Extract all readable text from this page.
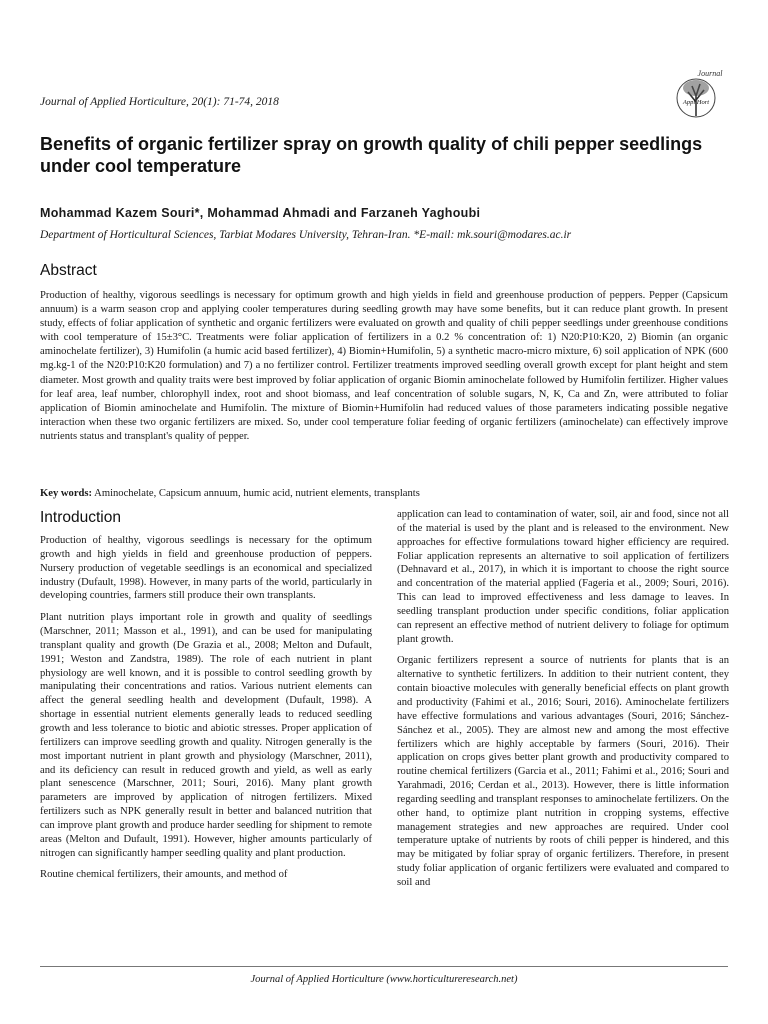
Journal of Applied Horticulture, 20(1): 71-74, 2018
Journal
Appl Hort
Benefits of organic fertilizer spray on growth quality of chili pepper seedlings under cool temperature
Mohammad Kazem Souri*, Mohammad Ahmadi and Farzaneh Yaghoubi
Department of Horticultural Sciences, Tarbiat Modares University, Tehran-Iran. *E-mail: mk.souri@modares.ac.ir
Abstract

Production of healthy, vigorous seedlings is necessary for optimum growth and high yields in field and greenhouse production of peppers. Pepper (Capsicum annuum) is a warm season crop and applying cooler temperatures during seedling growth may have some benefits, but it can reduce plant growth. In present study, effects of foliar application of synthetic and organic fertilizers were evaluated on growth and quality of chili pepper seedlings under greenhouse conditions with cool temperature of 15±3°C. Treatments were foliar application of fertilizers in a 0.2 % concentration of: 1) N20:P10:K20, 2) Biomin (an organic aminochelate fertilizer), 3) Humifolin (a humic acid based fertilizer), 4) Biomin+Humifolin, 5) a synthetic macro-micro mixture, 6) soil application of NPK (600 mg.kg-1 of the N20:P10:K20 formulation) and 7) a no fertilizer control. Fertilizer treatments improved seedling overall growth except for plant height and stem diameter. Most growth and quality traits were best improved by foliar application of organic Biomin aminochelate followed by Humifolin fertilizer. Higher values for leaf area, leaf number, chlorophyll index, root and shoot biomass, and leaf concentration of soluble sugars, N, K, Ca and Zn, were attributed to foliar application of Biomin aminochelate and Humifolin. The mixture of Biomin+Humifolin had reduced values of those parameters indicating possible negative interaction when these two organic fertilizers are mixed. So, under cool temperature foliar feeding of organic fertilizers (aminochelate) can effectively improve nutrients status and transplant's quality of pepper.

Key words: Aminochelate, Capsicum annuum, humic acid, nutrient elements, transplants
Introduction

Production of healthy, vigorous seedlings is necessary for the optimum growth and high yields in field and greenhouse production of peppers. Nursery production of vegetable seedlings is an economical and specialized industry (Dufault, 1998). However, in many parts of the world, particularly in developing countries, farmers still produce their own transplants.

Plant nutrition plays important role in growth and quality of seedlings (Marschner, 2011; Masson et al., 1991), and can be used for manipulating transplant quality and growth (De Grazia et al., 2008; Melton and Dufault, 1991; Weston and Zandstra, 1989). The role of each nutrient in plant physiology are well known, and it is possible to control seedling growth by manipulating their concentrations and ratios. Various nutrient elements can affect the general seedling health and development (Dufault, 1998). A shortage in essential nutrient elements generally leads to reduced seedling growth and less tolerance to biotic and abiotic stresses. Proper application of fertilizers can improve seedling growth and quality. Nitrogen generally is the most important nutrient in plant growth and physiology (Marschner, 2011), and its deficiency can result in reduced growth and yield, as well as early plant senescence (Marschner, 2011; Souri, 2016). Many plant growth parameters are improved by application of nitrogen fertilizers. Mixed fertilizers such as NPK generally result in better and balanced nutrition that can improve plant growth and produce harder seedling for shipment to remote areas (Melton and Dufault, 1991). However, higher amounts particularly of nitrogen can significantly hamper seedling quality and plant production.

Routine chemical fertilizers, their amounts, and method of

application can lead to contamination of water, soil, air and food, since not all of the material is used by the plant and is released to the environment. New approaches for effective formulations toward higher efficiency are required. Foliar application represents an alternative to soil application of fertilizers (Dehnavard et al., 2017), in which it is important to choose the right source and concentration of the material applied (Fageria et al., 2009; Souri, 2016). This can lead to improved effectiveness and less damage to leaves. In seedling transplant production under specific conditions, foliar application can represent an effective method of nutrient delivery to foliage for optimum plant growth.

Organic fertilizers represent a source of nutrients for plants that is an alternative to synthetic fertilizers. In addition to their nutrient content, they contain bioactive molecules with generally beneficial effects on plant growth and productivity (Fahimi et al., 2016; Souri, 2016). Aminochelate fertilizers have effective formulations and various advantages (Souri, 2016; Sánchez-Sánchez et al., 2005). They are almost new and among the most effective fertilizers which are highly acceptable by farmers (Souri, 2016). Their application on crops gives better plant growth and productivity compared to routine chemical fertilizers (Garcia et al., 2011; Fahimi et al., 2016; Souri and Yarahmadi, 2016; Cerdan et al., 2013). However, there is little information regarding seedling and transplant responses to aminochelate fertilizers. On the other hand, to optimize plant nutrition in cropping systems, effective management strategies and new approaches are required. Under cool temperature uptake of nutrients by roots of chili pepper is hindered, and this may be mitigated by foliar spray of organic fertilizers. Therefore, in present study foliar application of organic fertilizers were evaluated and compared to soil and

Journal of Applied Horticulture (www.horticultureresearch.net)
